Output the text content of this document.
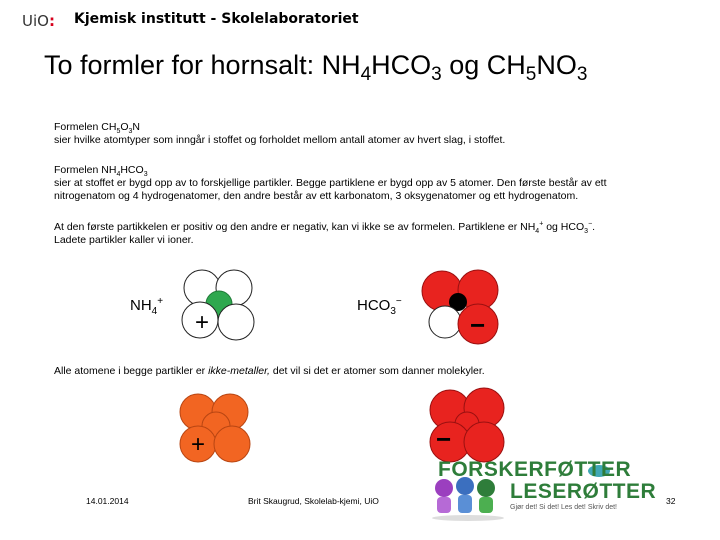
UiO: Kjemisk institutt - Skolelaboratoriet
To formler for hornsalt: $NH_4HCO_3$ og $CH_5NO_3$
Formelen $CH_5O_3N$
sier hvilke atomtyper som inngår i stoffet og forholdet mellom antall atomer av hvert slag, i stoffet.
Formelen $NH_4HCO_3$
sier at stoffet er bygd opp av to forskjellige partikler. Begge partiklene er bygd opp av 5 atomer. Den første består av ett
nitrogenatom og 4 hydrogenatomer, den andre består av ett karbonatom, 3 oksygenatomer og ett hydrogenatom.
At den første partikkelen er positiv og den andre er negativ, kan vi ikke se av formelen. Partiklene er $NH_4^+$ og $HCO_3^-$.
Ladete partikler kaller vi ioner.
$NH_4^+$	$HCO_3^-$
+	−
Alle atomene i begge partikler er ikke-metaller, det vil si det er atomer som danner molekyler.
+	−
FORSKERFØTTER
LESERØTTER
Gjør det! Si det! Les det! Skriv det!
14.01.2014	Brit Skaugrud, Skolelab-kjemi, UiO	32
